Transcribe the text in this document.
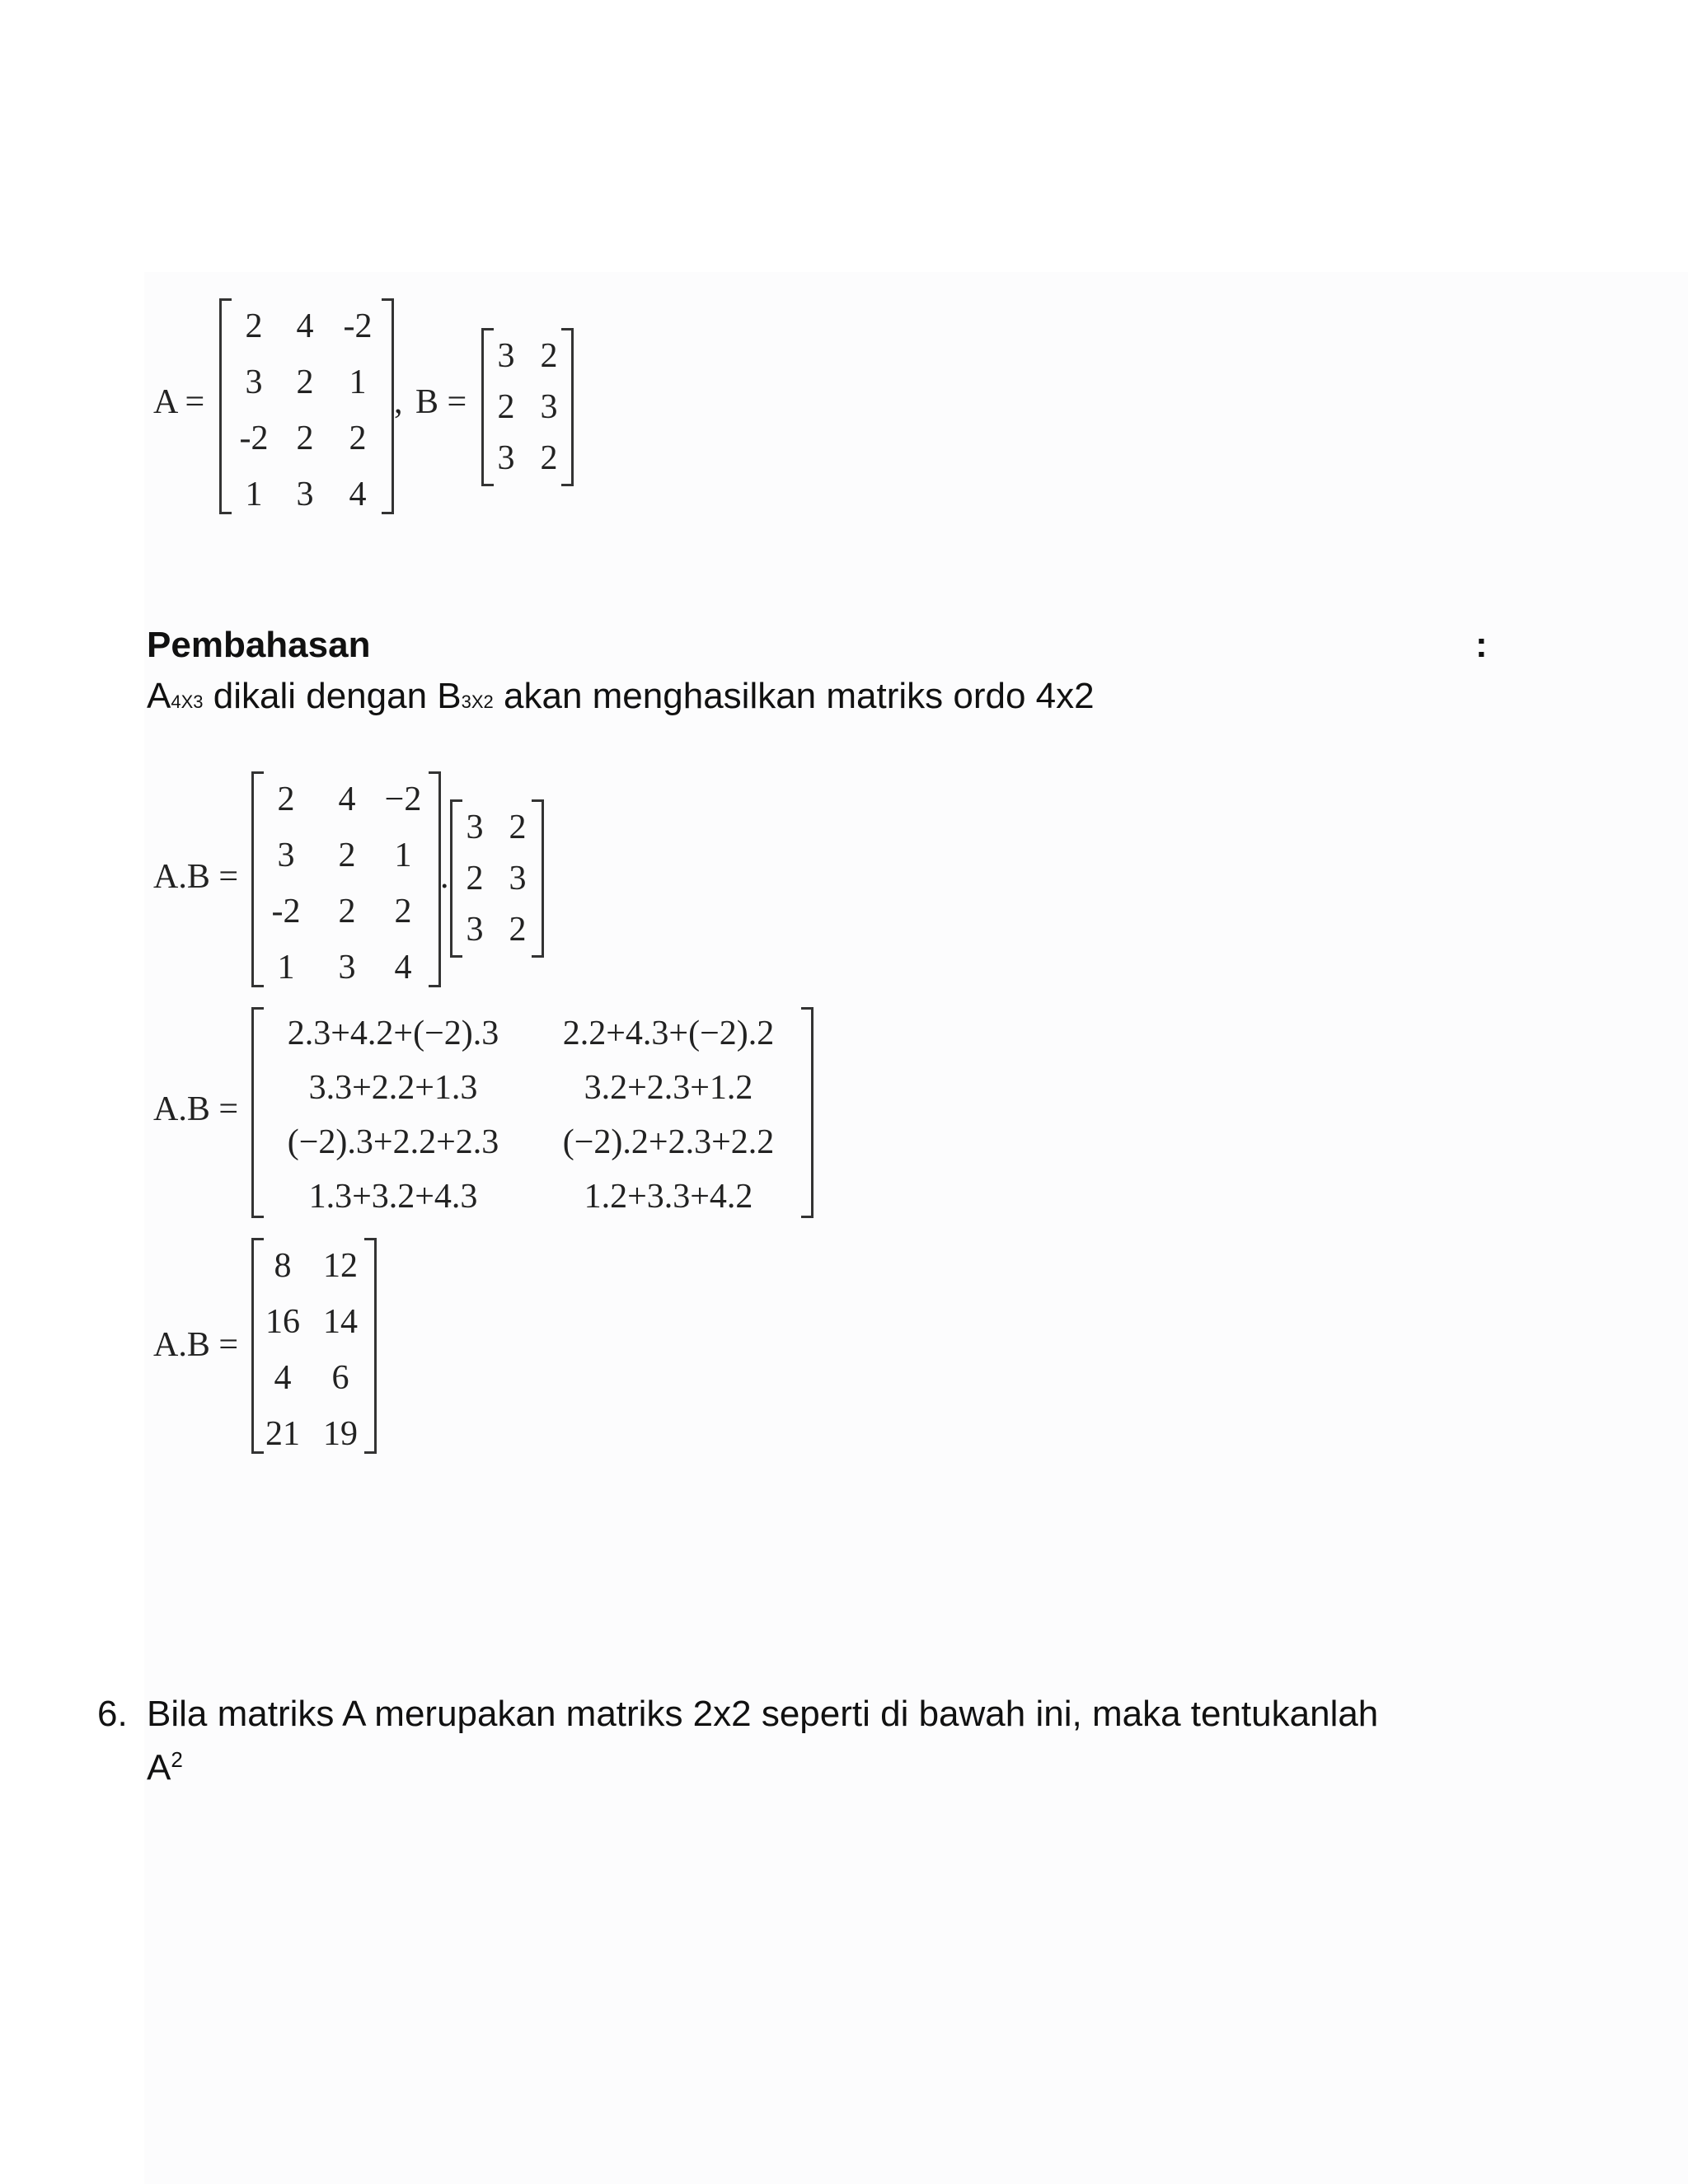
A =
2 4 -2
3 2	1
-2 2	2
1 3	4
, B =
3 2
2 3
3 2
Pembahasan	:
A4X3 dikali dengan B3X2 akan menghasilkan matriks ordo 4x2
A.B =
2	4 −2
3	2	1
-2	2	2
1	3	4
.
3 2
2 3
3 2
A.B =
2.3+4.2+(−2).3	2.2+4.3+(−2).2
3.3+2.2+1.3	3.2+2.3+1.2
(−2).3+2.2+2.3	(−2).2+2.3+2.2
1.3+3.2+4.3	1.2+3.3+4.2
A.B =
8 12
16 14
4	6
21 19
6. Bila matriks A merupakan matriks 2x2 seperti di bawah ini, maka tentukanlah
$A^2$
